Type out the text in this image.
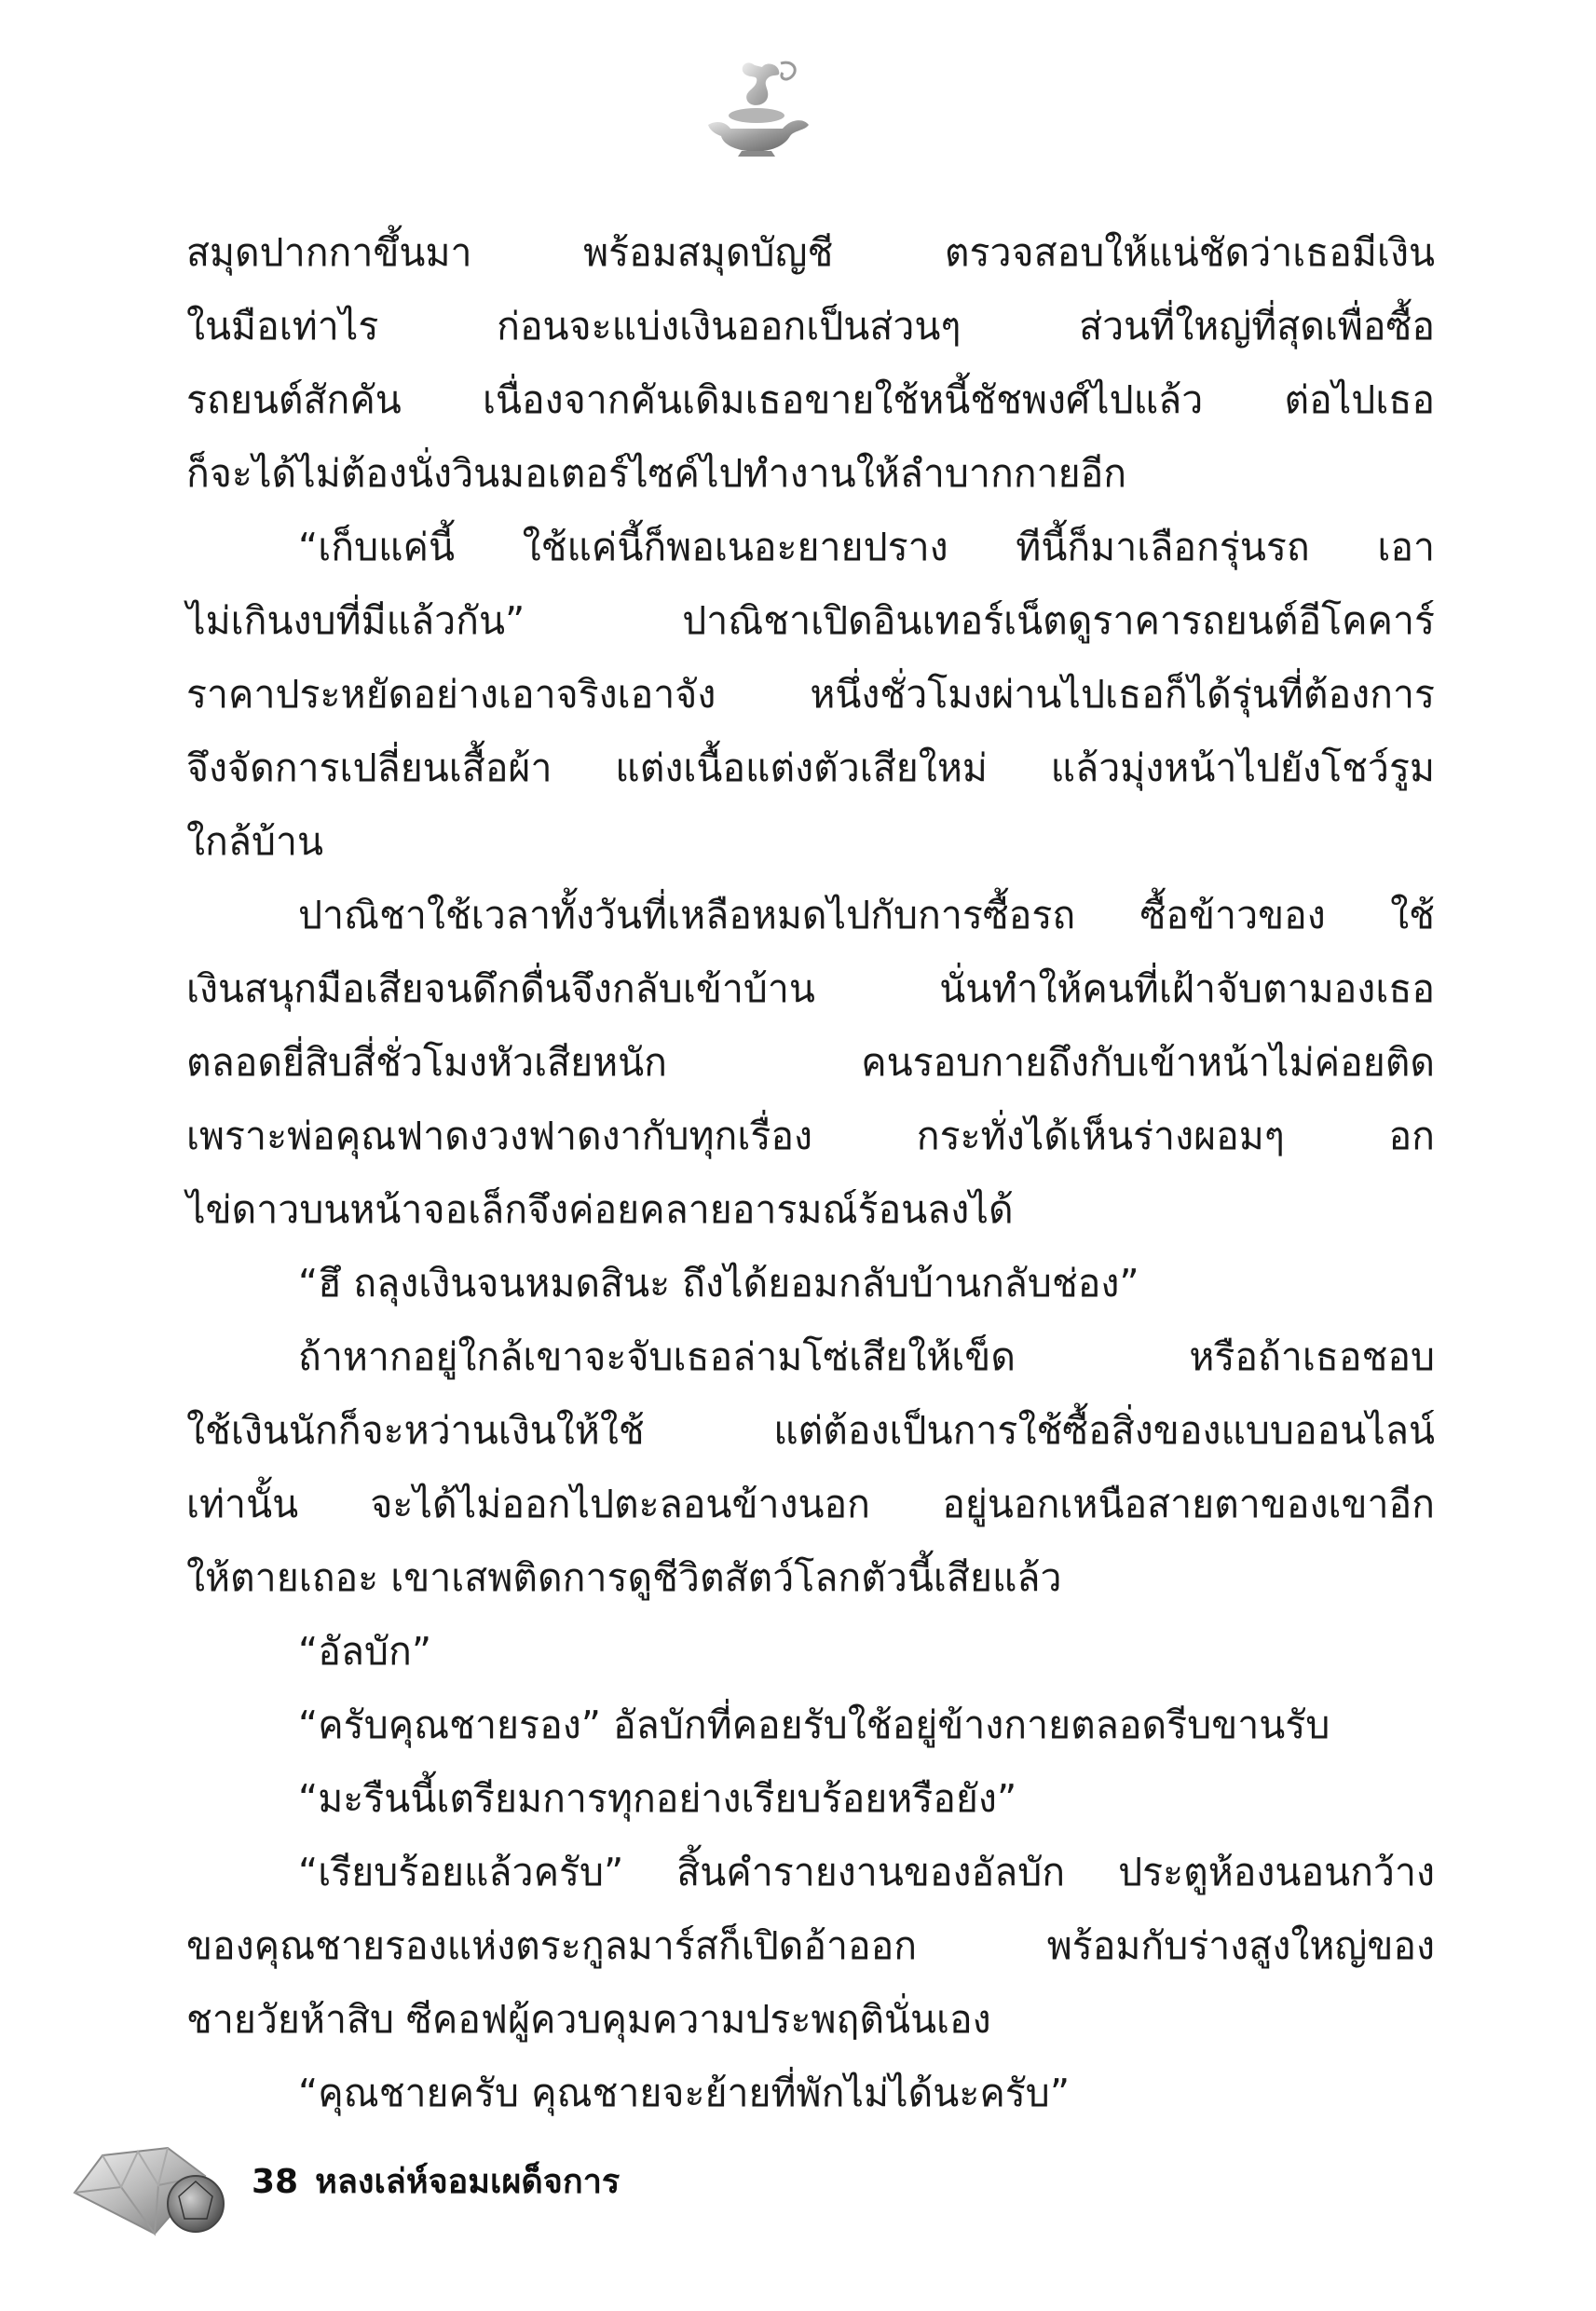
สมุดปากกาขึ้นมา พร้อมสมุดบัญชี ตรวจสอบให้แน่ชัดว่าเธอมีเงิน
ในมือเท่าไร ก่อนจะแบ่งเงินออกเป็นส่วนๆ ส่วนที่ใหญ่ที่สุดเพื่อซื้อ
รถยนต์สักคัน เนื่องจากคันเดิมเธอขายใช้หนี้ชัชพงศ์ไปแล้ว ต่อไปเธอ
ก็จะได้ไม่ต้องนั่งวินมอเตอร์ไซค์ไปทำงานให้ลำบากกายอีก
“เก็บแค่นี้ ใช้แค่นี้ก็พอเนอะยายปราง ทีนี้ก็มาเลือกรุ่นรถ เอา
ไม่เกินงบที่มีแล้วกัน” ปาณิชาเปิดอินเทอร์เน็ตดูราคารถยนต์อีโคคาร์
ราคาประหยัดอย่างเอาจริงเอาจัง หนึ่งชั่วโมงผ่านไปเธอก็ได้รุ่นที่ต้องการ
จึงจัดการเปลี่ยนเสื้อผ้า แต่งเนื้อแต่งตัวเสียใหม่ แล้วมุ่งหน้าไปยังโชว์รูม
ใกล้บ้าน
ปาณิชาใช้เวลาทั้งวันที่เหลือหมดไปกับการซื้อรถ ซื้อข้าวของ ใช้
เงินสนุกมือเสียจนดึกดื่นจึงกลับเข้าบ้าน นั่นทำให้คนที่เฝ้าจับตามองเธอ
ตลอดยี่สิบสี่ชั่วโมงหัวเสียหนัก คนรอบกายถึงกับเข้าหน้าไม่ค่อยติด
เพราะพ่อคุณฟาดงวงฟาดงากับทุกเรื่อง กระทั่งได้เห็นร่างผอมๆ อก
ไข่ดาวบนหน้าจอเล็กจึงค่อยคลายอารมณ์ร้อนลงได้
“ฮึ ถลุงเงินจนหมดสินะ ถึงได้ยอมกลับบ้านกลับช่อง”
ถ้าหากอยู่ใกล้เขาจะจับเธอล่ามโซ่เสียให้เข็ด หรือถ้าเธอชอบ
ใช้เงินนักก็จะหว่านเงินให้ใช้ แต่ต้องเป็นการใช้ซื้อสิ่งของแบบออนไลน์
เท่านั้น จะได้ไม่ออกไปตะลอนข้างนอก อยู่นอกเหนือสายตาของเขาอีก
ให้ตายเถอะ เขาเสพติดการดูชีวิตสัตว์โลกตัวนี้เสียแล้ว
“อัลบัก”
“ครับคุณชายรอง” อัลบักที่คอยรับใช้อยู่ข้างกายตลอดรีบขานรับ
“มะรืนนี้เตรียมการทุกอย่างเรียบร้อยหรือยัง”
“เรียบร้อยแล้วครับ” สิ้นคำรายงานของอัลบัก ประตูห้องนอนกว้าง
ของคุณชายรองแห่งตระกูลมาร์สก็เปิดอ้าออก พร้อมกับร่างสูงใหญ่ของ
ชายวัยห้าสิบ ซีคอฟผู้ควบคุมความประพฤตินั่นเอง
“คุณชายครับ คุณชายจะย้ายที่พักไม่ได้นะครับ”
38 หลงเล่ห์จอมเผด็จการ
